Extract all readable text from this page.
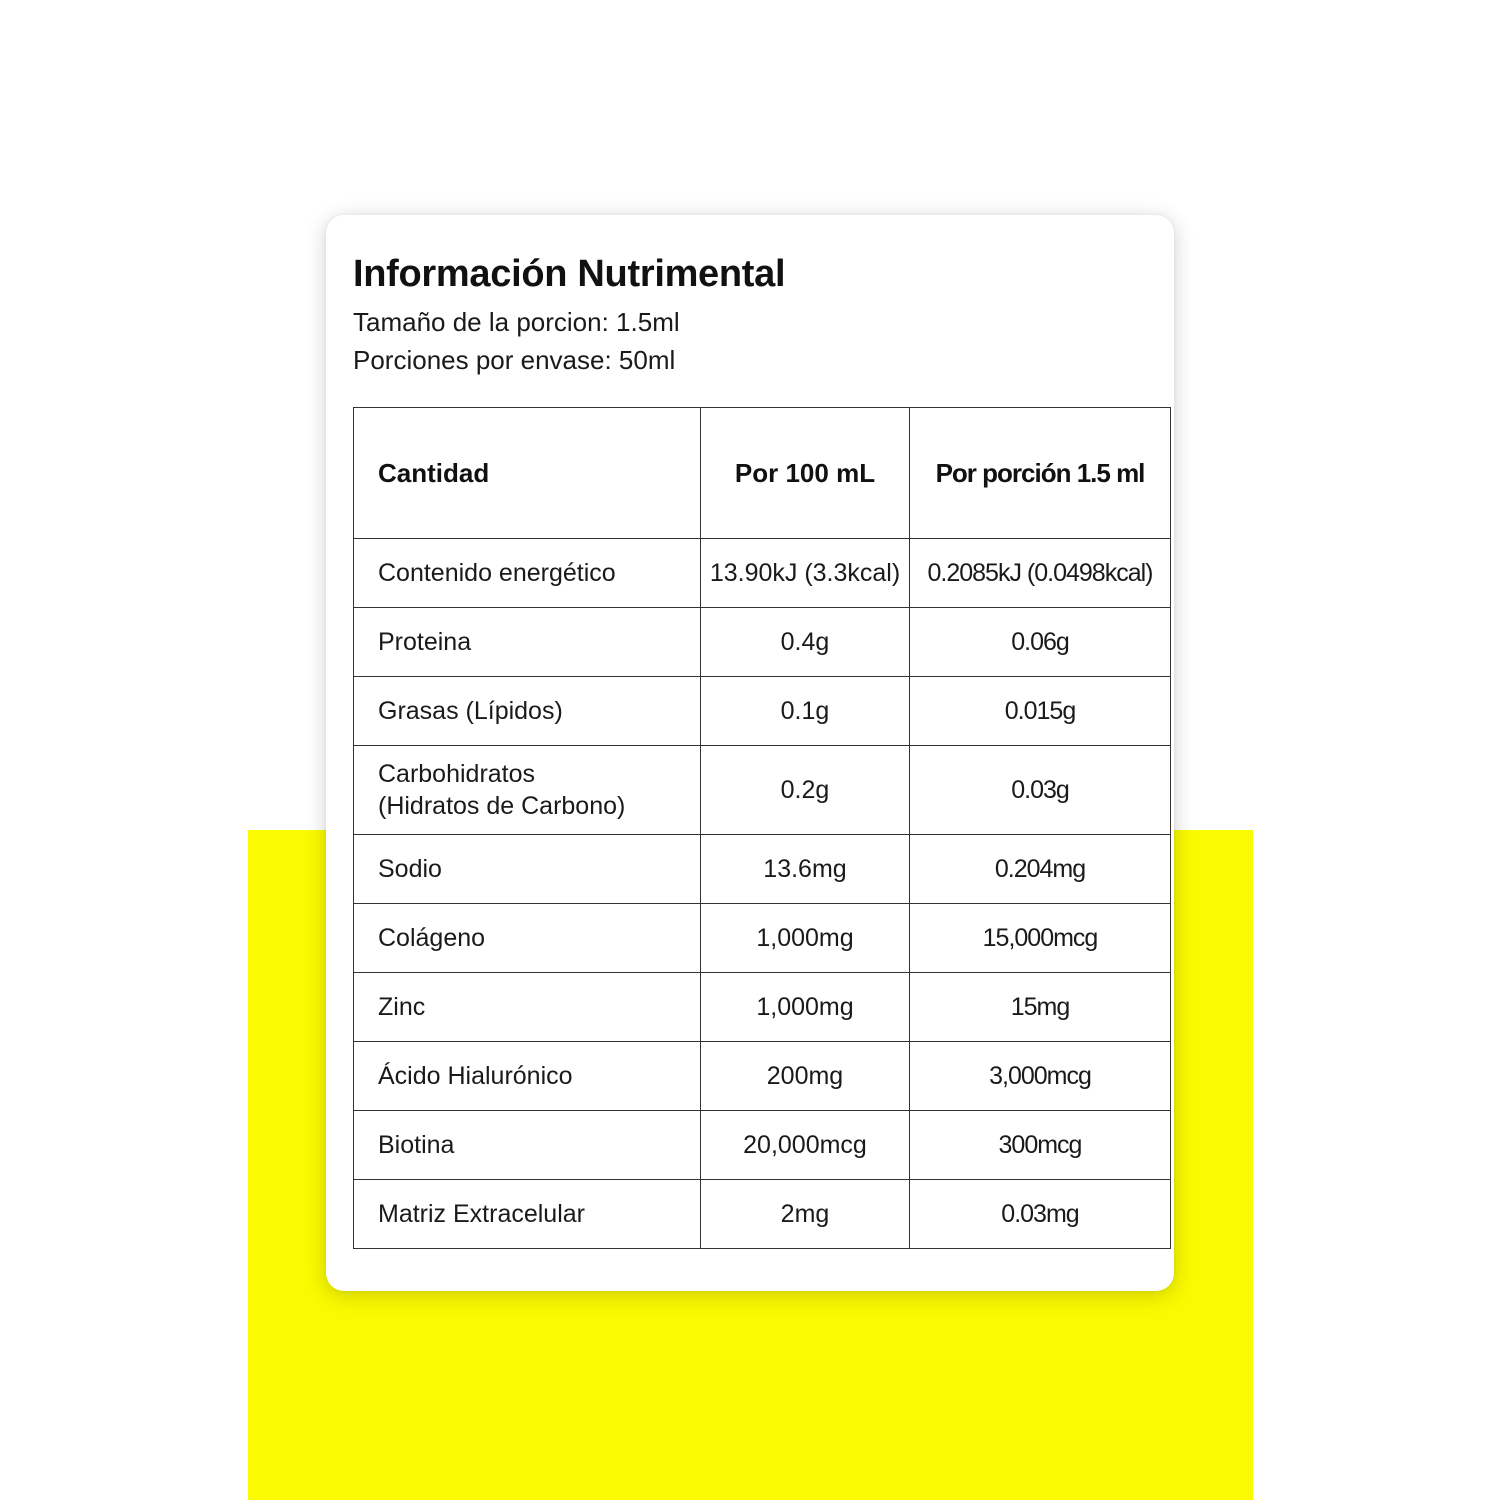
Información Nutrimental
Tamaño de la porcion: 1.5ml
Porciones por envase: 50ml
Cantidad	Por 100 mL	Por porción 1.5 ml
Contenido energético	13.90kJ (3.3kcal)	0.2085kJ (0.0498kcal)
Proteina	0.4g	0.06g
Grasas (Lípidos)	0.1g	0.015g
Carbohidratos
(Hidratos de Carbono)	0.2g	0.03g
Sodio	13.6mg	0.204mg
Colágeno	1,000mg	15,000mcg
Zinc	1,000mg	15mg
Ácido Hialurónico	200mg	3,000mcg
Biotina	20,000mcg	300mcg
Matriz Extracelular	2mg	0.03mg
